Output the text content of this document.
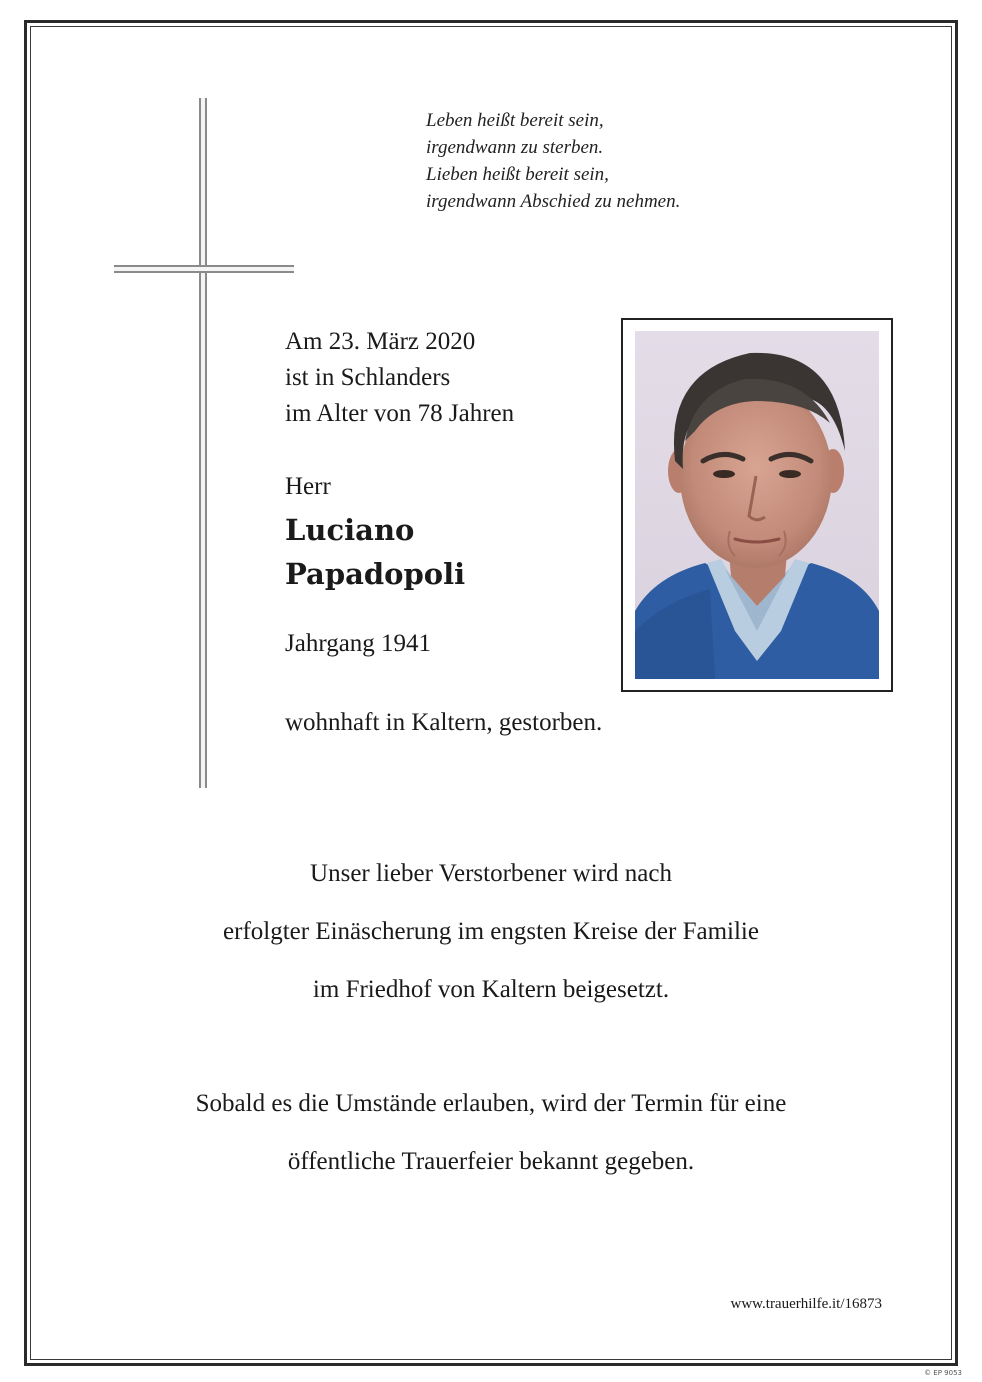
Leben heißt bereit sein,
irgendwann zu sterben.
Lieben heißt bereit sein,
irgendwann Abschied zu nehmen.
Am 23. März 2020
ist in Schlanders
im Alter von 78 Jahren
Herr
Luciano
Papadopoli
Jahrgang 1941
wohnhaft in Kaltern, gestorben.
Unser lieber Verstorbener wird nach
erfolgter Einäscherung im engsten Kreise der Familie
im Friedhof von Kaltern beigesetzt.
Sobald es die Umstände erlauben, wird der Termin für eine
öffentliche Trauerfeier bekannt gegeben.
www.trauerhilfe.it/16873
© EP 9053
